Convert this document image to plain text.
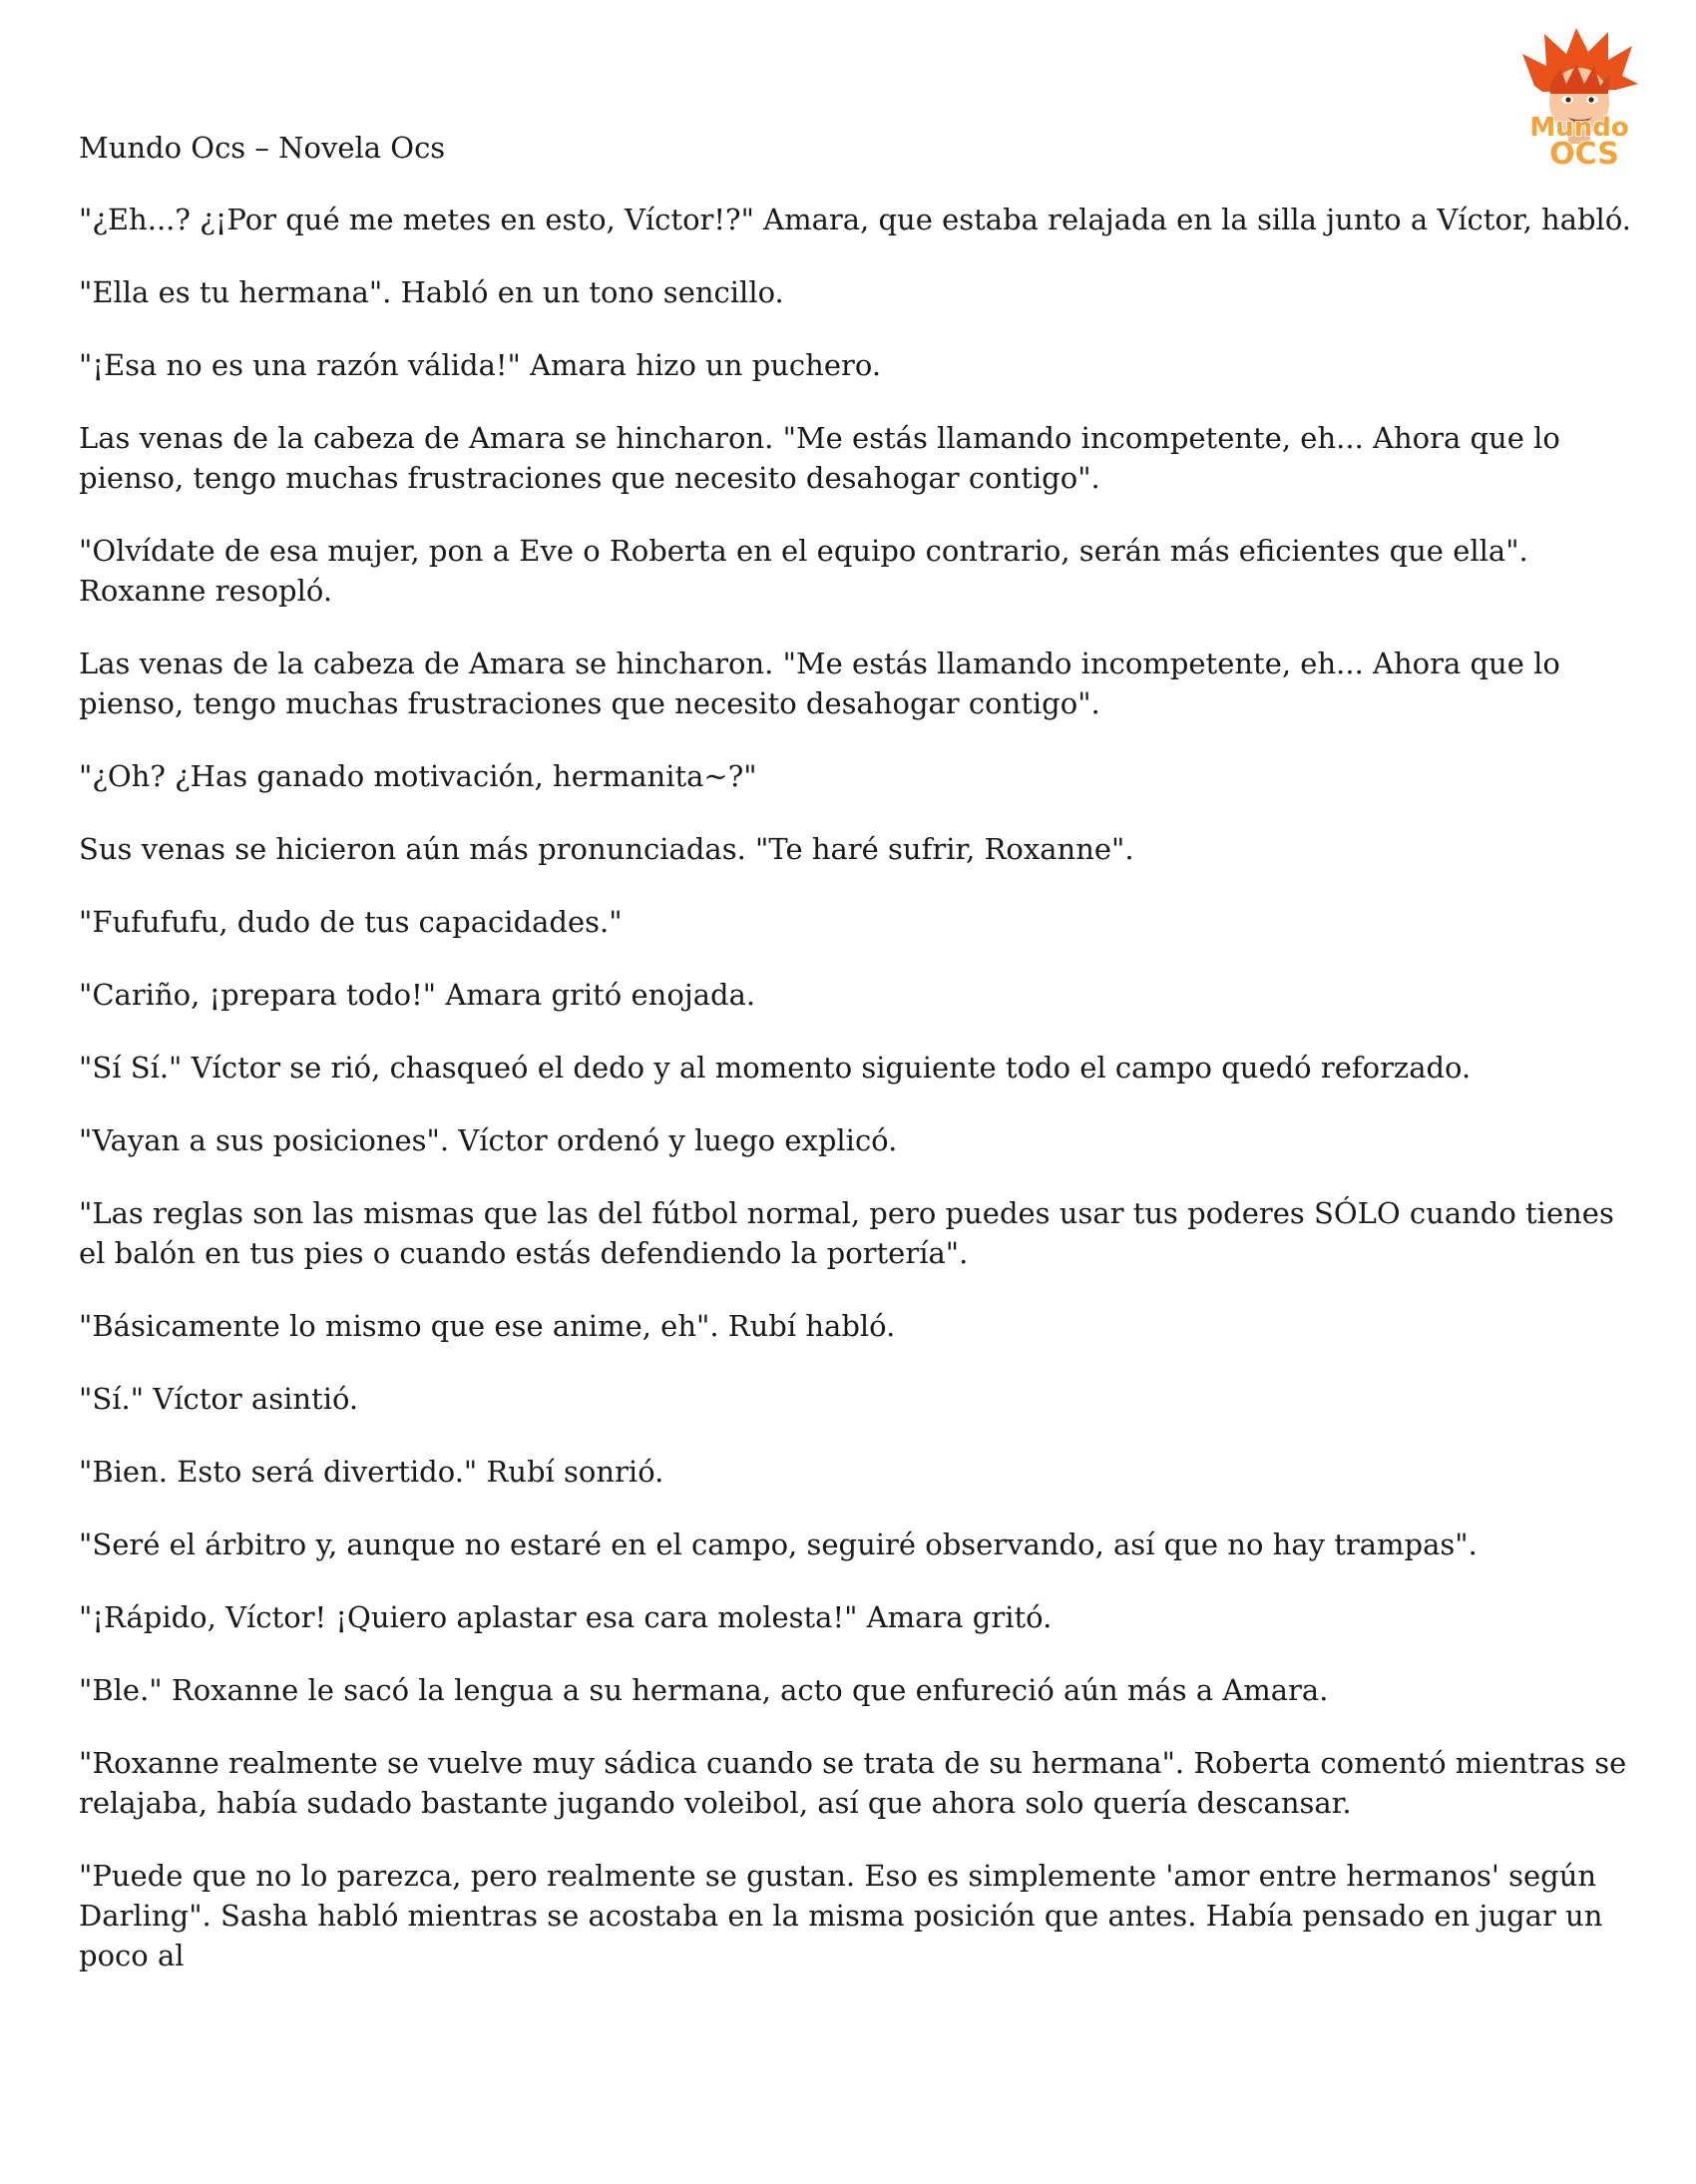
Mundo
OCS
Mundo Ocs – Novela Ocs

"¿Eh...? ¿¡Por qué me metes en esto, Víctor!?" Amara, que estaba relajada en la silla junto a Víctor, habló.

"Ella es tu hermana". Habló en un tono sencillo.

"¡Esa no es una razón válida!" Amara hizo un puchero.

Las venas de la cabeza de Amara se hincharon. "Me estás llamando incompetente, eh... Ahora que lo pienso, tengo muchas frustraciones que necesito desahogar contigo".

"Olvídate de esa mujer, pon a Eve o Roberta en el equipo contrario, serán más eficientes que ella". Roxanne resopló.

Las venas de la cabeza de Amara se hincharon. "Me estás llamando incompetente, eh... Ahora que lo pienso, tengo muchas frustraciones que necesito desahogar contigo".

"¿Oh? ¿Has ganado motivación, hermanita~?"

Sus venas se hicieron aún más pronunciadas. "Te haré sufrir, Roxanne".

"Fufufufu, dudo de tus capacidades."

"Cariño, ¡prepara todo!" Amara gritó enojada.

"Sí Sí." Víctor se rió, chasqueó el dedo y al momento siguiente todo el campo quedó reforzado.

"Vayan a sus posiciones". Víctor ordenó y luego explicó.

"Las reglas son las mismas que las del fútbol normal, pero puedes usar tus poderes SÓLO cuando tienes el balón en tus pies o cuando estás defendiendo la portería".

"Básicamente lo mismo que ese anime, eh". Rubí habló.

"Sí." Víctor asintió.

"Bien. Esto será divertido." Rubí sonrió.

"Seré el árbitro y, aunque no estaré en el campo, seguiré observando, así que no hay trampas".

"¡Rápido, Víctor! ¡Quiero aplastar esa cara molesta!" Amara gritó.

"Ble." Roxanne le sacó la lengua a su hermana, acto que enfureció aún más a Amara.

"Roxanne realmente se vuelve muy sádica cuando se trata de su hermana". Roberta comentó mientras se relajaba, había sudado bastante jugando voleibol, así que ahora solo quería descansar.

"Puede que no lo parezca, pero realmente se gustan. Eso es simplemente 'amor entre hermanos' según Darling". Sasha habló mientras se acostaba en la misma posición que antes. Había pensado en jugar un poco al
